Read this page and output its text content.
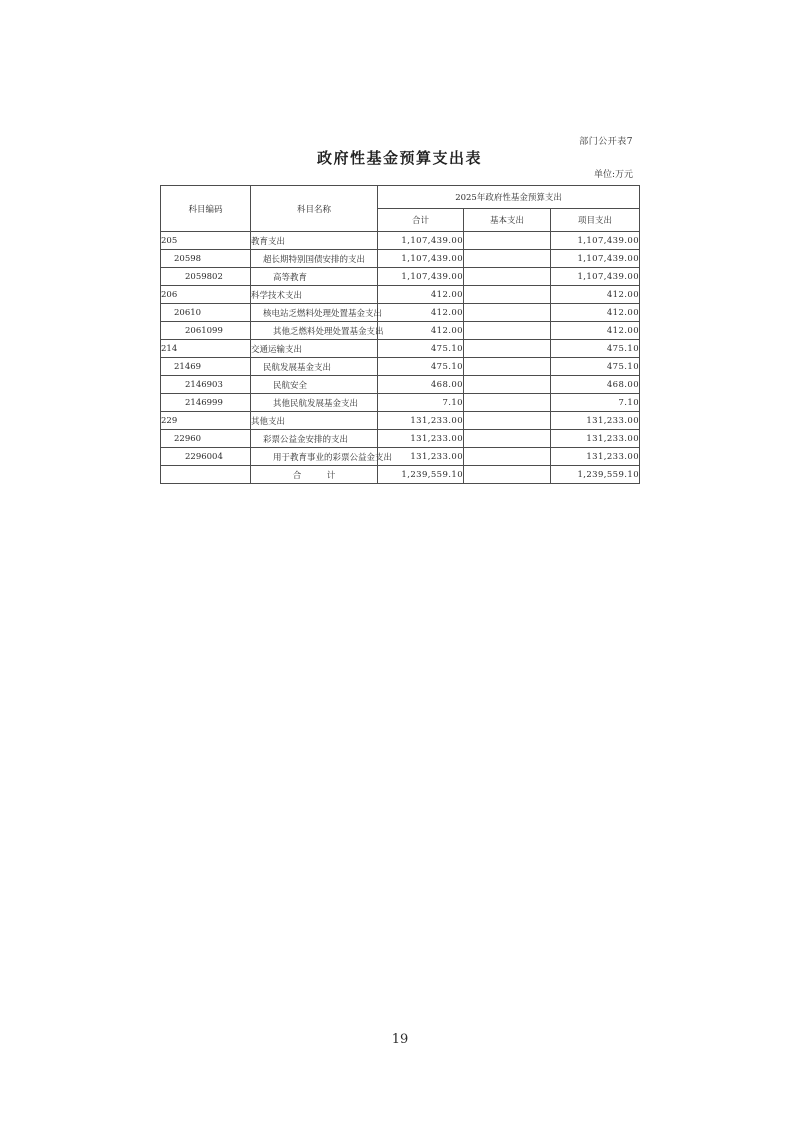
部门公开表7
政府性基金预算支出表
单位:万元
科目编码	科目名称	2025年政府性基金预算支出		
		合计	基本支出	项目支出
205	教育支出	1,107,439.00		1,107,439.00
20598	超长期特别国债安排的支出	1,107,439.00		1,107,439.00
2059802	高等教育	1,107,439.00		1,107,439.00
206	科学技术支出	412.00		412.00
20610	核电站乏燃料处理处置基金支出	412.00		412.00
2061099	其他乏燃料处理处置基金支出	412.00		412.00
214	交通运输支出	475.10		475.10
21469	民航发展基金支出	475.10		475.10
2146903	民航安全	468.00		468.00
2146999	其他民航发展基金支出	7.10		7.10
229	其他支出	131,233.00		131,233.00
22960	彩票公益金安排的支出	131,233.00		131,233.00
2296004	用于教育事业的彩票公益金支出	131,233.00		131,233.00
	合　　　计	1,239,559.10		1,239,559.10
19
